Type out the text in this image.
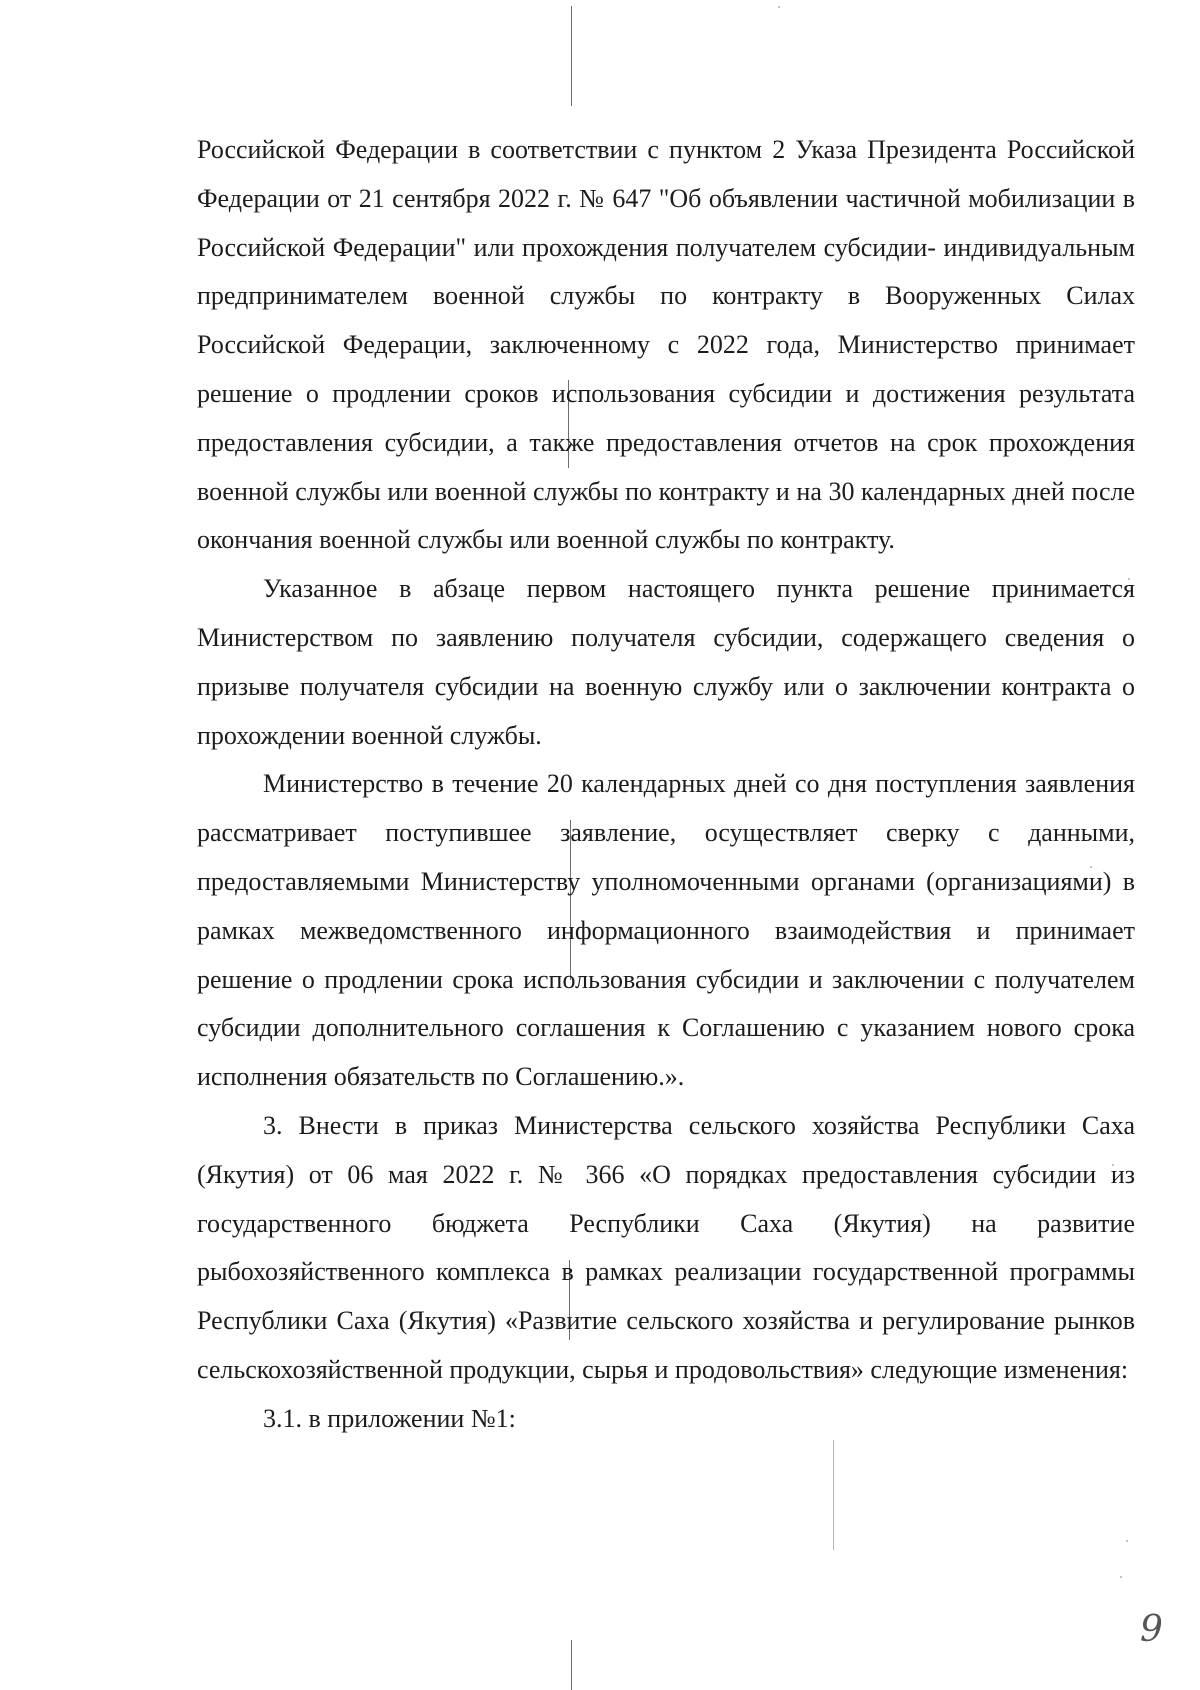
Российской Федерации в соответствии с пунктом 2 Указа Президента Российской Федерации от 21 сентября 2022 г. № 647 "Об объявлении частичной мобилизации в Российской Федерации" или прохождения получателем субсидии- индивидуальным предпринимателем военной службы по контракту в Вооруженных Силах Российской Федерации, заключенному с 2022 года, Министерство принимает решение о продлении сроков использования субсидии и достижения результата предоставления субсидии, а также предоставления отчетов на срок прохождения военной службы или военной службы по контракту и на 30 календарных дней после окончания военной службы или военной службы по контракту.

Указанное в абзаце первом настоящего пункта решение принимается Министерством по заявлению получателя субсидии, содержащего сведения о призыве получателя субсидии на военную службу или о заключении контракта о прохождении военной службы.

Министерство в течение 20 календарных дней со дня поступления заявления рассматривает поступившее заявление, осуществляет сверку с данными, предоставляемыми Министерству уполномоченными органами (организациями) в рамках межведомственного информационного взаимодействия и принимает решение о продлении срока использования субсидии и заключении с получателем субсидии дополнительного соглашения к Соглашению с указанием нового срока исполнения обязательств по Соглашению.».

3. Внести в приказ Министерства сельского хозяйства Республики Саха (Якутия) от 06 мая 2022 г. № 366 «О порядках предоставления субсидии из государственного бюджета Республики Саха (Якутия) на развитие рыбохозяйственного комплекса в рамках реализации государственной программы Республики Саха (Якутия) «Развитие сельского хозяйства и регулирование рынков сельскохозяйственной продукции, сырья и продовольствия» следующие изменения:

3.1. в приложении №1:

9
